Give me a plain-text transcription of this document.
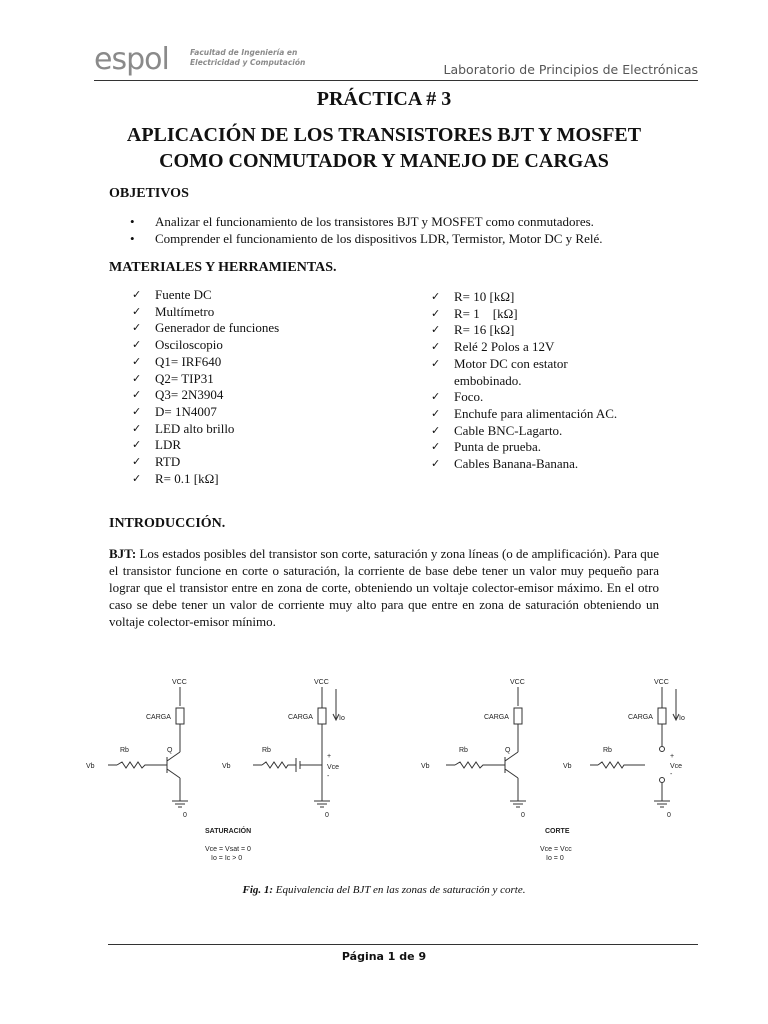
espol	Facultad de Ingeniería en
Electricidad y Computación	Laboratorio de Principios de Electrónicas
PRÁCTICA # 3
APLICACIÓN DE LOS TRANSISTORES BJT Y MOSFET
COMO CONMUTADOR Y MANEJO DE CARGAS
OBJETIVOS
• Analizar el funcionamiento de los transistores BJT y MOSFET como conmutadores.
• Comprender el funcionamiento de los dispositivos LDR, Termistor, Motor DC y Relé.
MATERIALES Y HERRAMIENTAS.
✓ Fuente DC
✓ Multímetro
✓ Generador de funciones
✓ Osciloscopio
✓ Q1= IRF640
✓ Q2= TIP31
✓ Q3= 2N3904
✓ D= 1N4007
✓ LED alto brillo
✓ LDR
✓ RTD
✓ R= 0.1 [kΩ]
✓ R= 10 [kΩ]
✓ R= 1    [kΩ]
✓ R= 16 [kΩ]
✓ Relé 2 Polos a 12V
✓ Motor DC con estator
embobinado.
✓ Foco.
✓ Enchufe para alimentación AC.
✓ Cable BNC-Lagarto.
✓ Punta de prueba.
✓ Cables Banana-Banana.
INTRODUCCIÓN.
BJT: Los estados posibles del transistor son corte, saturación y zona líneas (o de amplificación). Para que el transistor funcione en corte o saturación, la corriente de base debe tener un valor muy pequeño para lograr que el transistor entre en zona de corte, obteniendo un voltaje colector-emisor máximo. En el otro caso se debe tener un valor de corriente muy alto para que entre en zona de saturación obteniendo un voltaje colector-emisor mínimo.
VCC
CARGA
Rb
Vb
Q
0
VCC
CARGA
Rb
Vb
Io
+
Vce
-
0
VCC
CARGA
Rb
Vb
Q
0
VCC
CARGA
Rb
Vb
Io
+
Vce
-
0
SATURACIÓN
Vce = Vsat = 0
Io = Ic > 0
CORTE
Vce = Vcc
Io = 0
Fig. 1: Equivalencia del BJT en las zonas de saturación y corte.
Página 1 de 9
